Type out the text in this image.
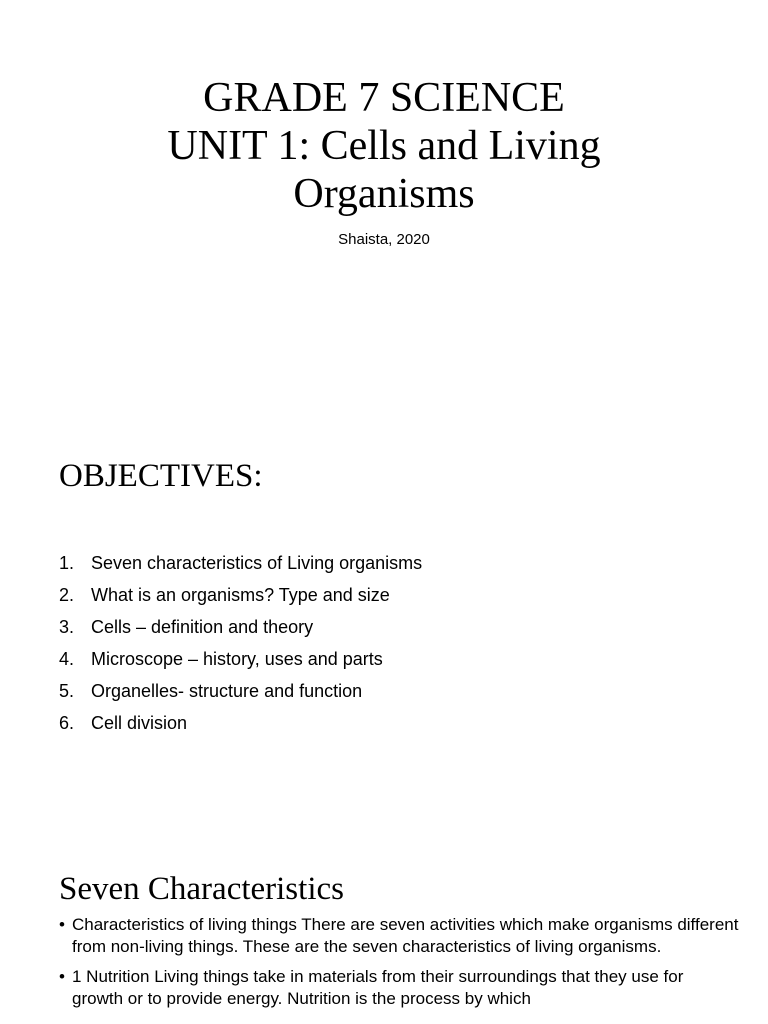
GRADE 7 SCIENCE

UNIT 1: Cells and Living

Organisms

Shaista, 2020
OBJECTIVES:
1. Seven characteristics of Living organisms
2. What is an organisms? Type and size
3. Cells – definition and theory
4. Microscope – history, uses and parts
5. Organelles- structure and function
6. Cell division
Seven Characteristics
• Characteristics of living things There are seven activities which make organisms different from non-living things. These are the seven characteristics of living organisms.
• 1 Nutrition Living things take in materials from their surroundings that they use for growth or to provide energy. Nutrition is the process by which
